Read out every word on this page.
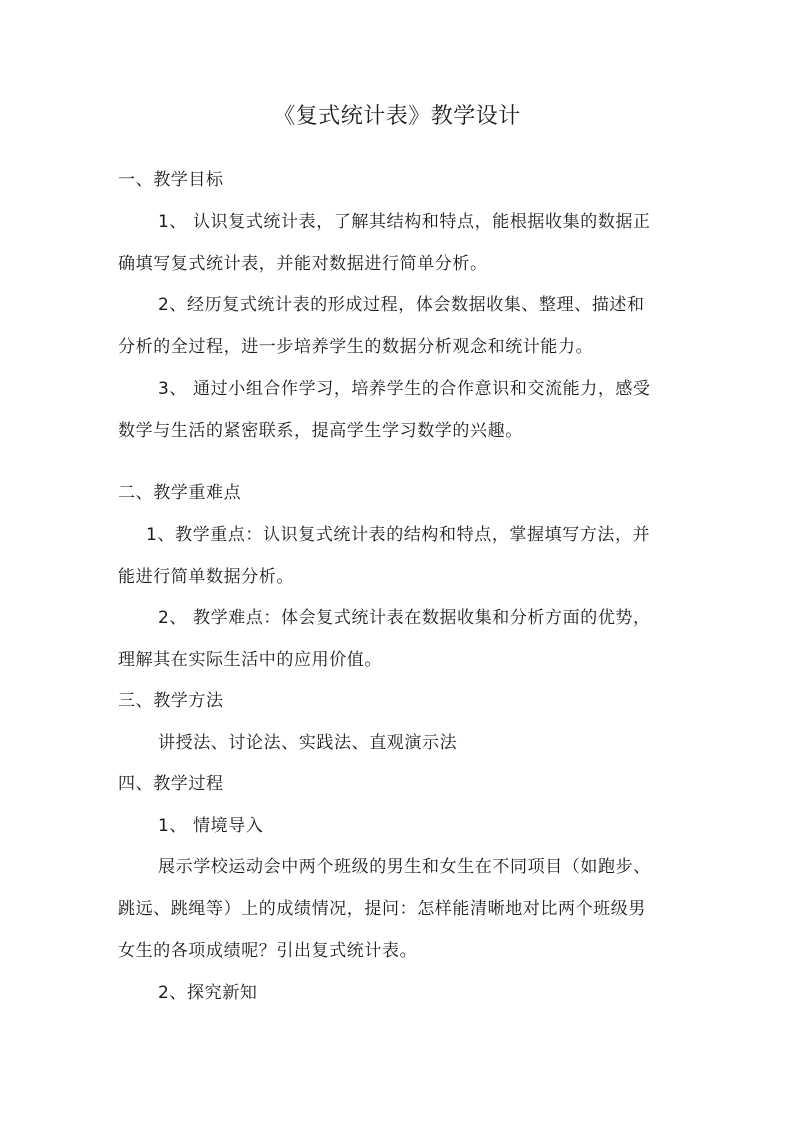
《复式统计表》教学设计
一、教学目标
1、 认识复式统计表，了解其结构和特点，能根据收集的数据正
确填写复式统计表，并能对数据进行简单分析。
2、经历复式统计表的形成过程，体会数据收集、整理、描述和
分析的全过程，进一步培养学生的数据分析观念和统计能力。
3、 通过小组合作学习，培养学生的合作意识和交流能力，感受
数学与生活的紧密联系，提高学生学习数学的兴趣。
二、教学重难点
1、教学重点：认识复式统计表的结构和特点，掌握填写方法，并
能进行简单数据分析。
2、 教学难点：体会复式统计表在数据收集和分析方面的优势，
理解其在实际生活中的应用价值。
三、教学方法
讲授法、讨论法、实践法、直观演示法
四、教学过程
1、 情境导入
展示学校运动会中两个班级的男生和女生在不同项目（如跑步、
跳远、跳绳等）上的成绩情况，提问：怎样能清晰地对比两个班级男
女生的各项成绩呢？引出复式统计表。
2、探究新知
